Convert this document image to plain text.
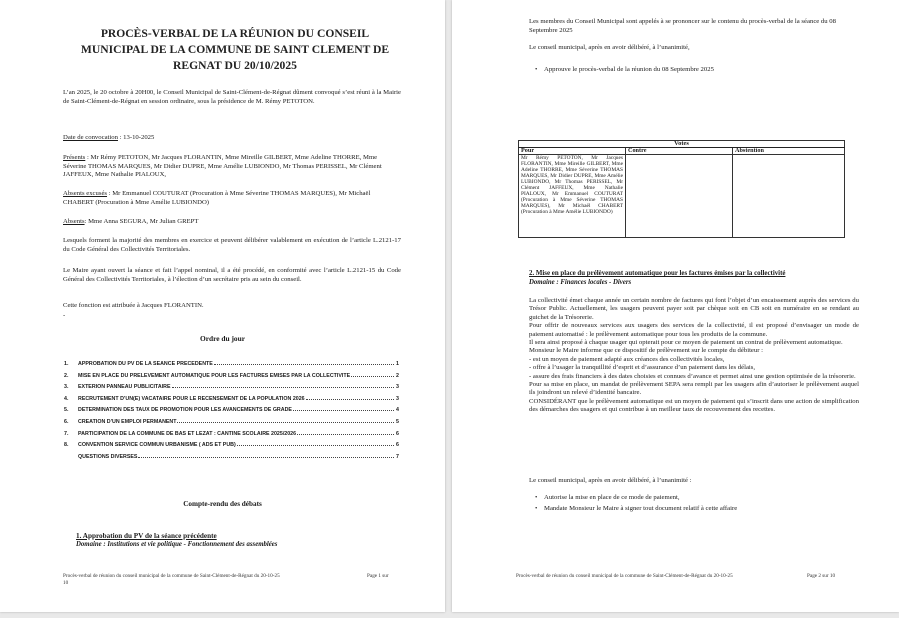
PROCÈS-VERBAL DE LA RÉUNION DU CONSEIL MUNICIPAL DE LA COMMUNE DE SAINT CLEMENT DE REGNAT DU 20/10/2025
L’an 2025, le 20 octobre à 20H00, le Conseil Municipal de Saint-Clément-de-Régnat dûment convoqué s’est réuni à la Mairie de Saint-Clément-de-Régnat en session ordinaire, sous la présidence de M. Rémy PETOTON.
Date de convocation : 13-10-2025
Présents : Mr Rémy PETOTON, Mr Jacques FLORANTIN, Mme Mireille GILBERT, Mme Adeline THORRE, Mme Séverine THOMAS MARQUES, Mr Didier DUPRE, Mme Amélie LUBIONDO, Mr Thomas PERISSEL, Mr Clément JAFFEUX, Mme Nathalie PIALOUX,
Absents excusés : Mr Emmanuel COUTURAT (Procuration à Mme Séverine THOMAS MARQUES), Mr Michaël CHABERT (Procuration à Mme Amélie LUBIONDO)
Absents: Mme Anna SEGURA, Mr Julian GREPT
Lesquels forment la majorité des membres en exercice et peuvent délibérer valablement en exécution de l’article L.2121-17 du Code Général des Collectivités Territoriales.
Le Maire ayant ouvert la séance et fait l’appel nominal, il a été procédé, en conformité avec l’article L.2121-15 du Code Général des Collectivités Territoriales, à l’élection d’un secrétaire pris au sein du conseil.
Cette fonction est attribuée à Jacques FLORANTIN.
-
Ordre du jour
Compte-rendu des débats
1. Approbation du PV de la séance précédente
Domaine : Institutions et vie politique - Fonctionnement des assemblées
Procès-verbal de réunion du conseil municipal de la commune de Saint-Clément-de-Régnat du 20-10-25	Page 1 sur
10
1.	APPROBATION DU PV DE LA SEANCE PRECEDENTE	1
2.	MISE EN PLACE DU PRELEVEMENT AUTOMATIQUE POUR LES FACTURES EMISES PAR LA COLLECTIVITE	2
3.	EXTERION PANNEAU PUBLICITAIRE	3
4.	RECRUTEMENT D’UN(E) VACATAIRE POUR LE RECENSEMENT DE LA POPULATION 2026	3
5.	DETERMINATION DES TAUX DE PROMOTION POUR LES AVANCEMENTS DE GRADE	4
6.	CREATION D’UN EMPLOI PERMANENT	5
7.	PARTICIPATION DE LA COMMUNE DE BAS ET LEZAT : CANTINE SCOLAIRE 2025/2026	6
8.	CONVENTION SERVICE COMMUN URBANISME ( ADS ET PUB)	6
QUESTIONS DIVERSES	7
Les membres du Conseil Municipal sont appelés à se prononcer sur le contenu du procès-verbal de la séance du 08 Septembre 2025
Le conseil municipal, après en avoir délibéré, à l’unanimité,
• Approuve le procès-verbal de la réunion du 08 Septembre 2025
Votes		
Pour	Contre	Abstention
Mr Rémy PETOTON, Mr Jacques FLORANTIN, Mme Mireille GILBERT, Mme Adeline THORRE, Mme Séverine THOMAS MARQUES, Mr Didier DUPRE, Mme Amélie LUBIONDO, Mr Thomas PERISSEL, Mr Clément JAFFEUX, Mme Nathalie PIALOUX, Mr Emmanuel COUTURAT (Procuration à Mme Séverine THOMAS MARQUES), Mr Michaël CHABERT (Procuration à Mme Amélie LUBIONDO)		
2. Mise en place du prélèvement automatique pour les factures émises par la collectivité
Domaine : Finances locales - Divers
La collectivité émet chaque année un certain nombre de factures qui font l’objet d’un encaissement auprès des services du Trésor Public. Actuellement, les usagers peuvent payer soit par chèque soit en CB soit en numéraire en se rendant au guichet de la Trésorerie.
Pour offrir de nouveaux services aux usagers des services de la collectivité, il est proposé d’envisager un mode de paiement automatisé : le prélèvement automatique pour tous les produits de la commune.
Il sera ainsi proposé à chaque usager qui opterait pour ce moyen de paiement un contrat de prélèvement automatique.
Monsieur le Maire informe que ce dispositif de prélèvement sur le compte du débiteur :
- est un moyen de paiement adapté aux créances des collectivités locales,
- offre à l’usager la tranquillité d’esprit et d’assurance d’un paiement dans les délais,
- assure des frais financiers à des dates choisies et connues d’avance et permet ainsi une gestion optimisée de la trésorerie.
Pour sa mise en place, un mandat de prélèvement SEPA sera rempli par les usagers afin d’autoriser le prélèvement auquel ils joindront un relevé d’identité bancaire.
CONSIDÉRANT que le prélèvement automatique est un moyen de paiement qui s’inscrit dans une action de simplification des démarches des usagers et qui contribue à un meilleur taux de recouvrement des recettes.
Le conseil municipal, après en avoir délibéré, à l’unanimité :
• Autorise la mise en place de ce mode de paiement,
• Mandate Monsieur le Maire à signer tout document relatif à cette affaire
Procès-verbal de réunion du conseil municipal de la commune de Saint-Clément-de-Régnat du 20-10-25	Page 2 sur 10
